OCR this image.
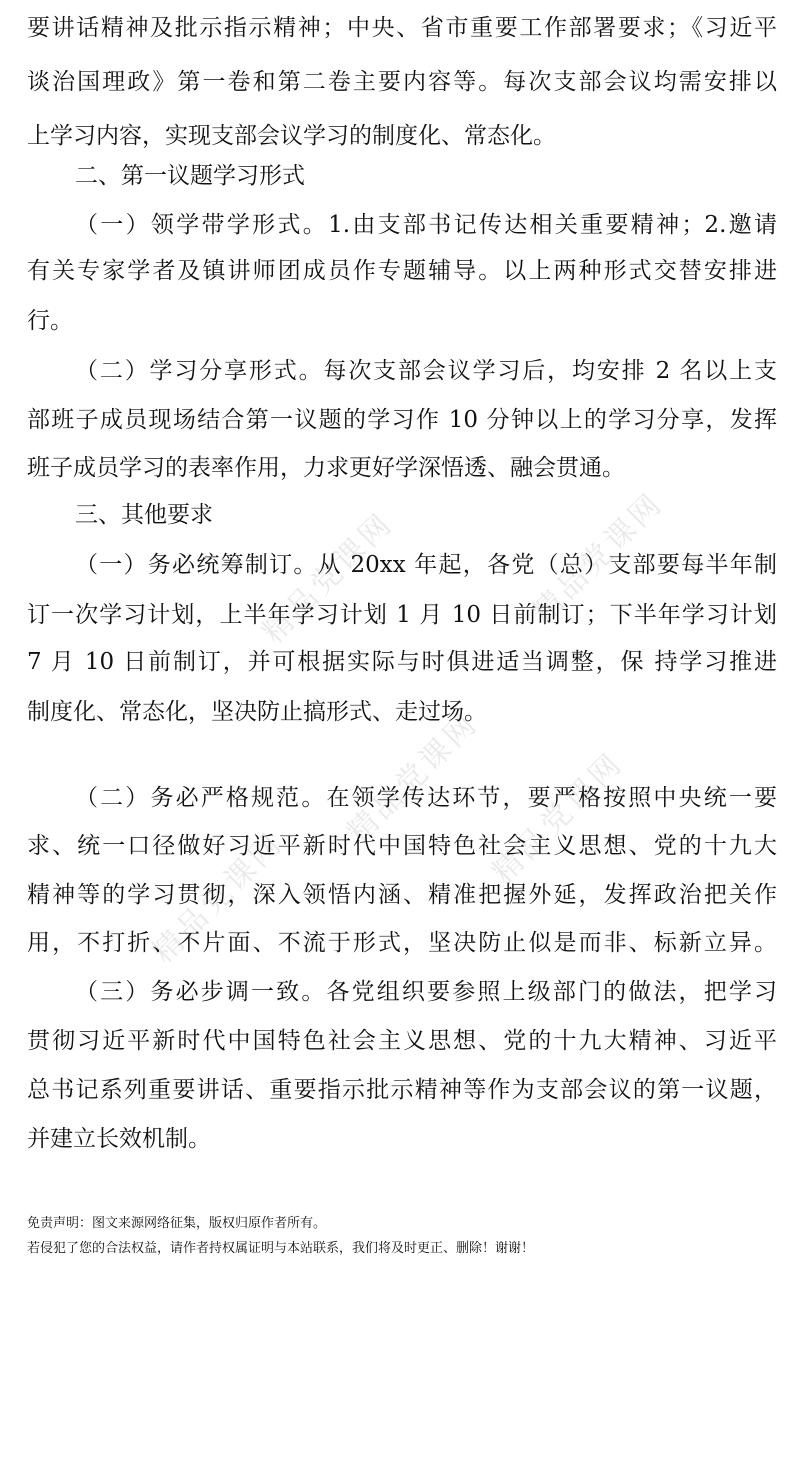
精品党课网
精品党课网
精品党课网
精品党课网
精品党课网
要讲话精神及批示指示精神；中央、省市重要工作部署要求；《习近平
谈治国理政》第一卷和第二卷主要内容等。每次支部会议均需安排以
上学习内容，实现支部会议学习的制度化、常态化。
二、第一议题学习形式
（一）领学带学形式。1.由支部书记传达相关重要精神；2.邀请
有关专家学者及镇讲师团成员作专题辅导。以上两种形式交替安排进
行。
（二）学习分享形式。每次支部会议学习后，均安排 2 名以上支
部班子成员现场结合第一议题的学习作 10 分钟以上的学习分享，发挥
班子成员学习的表率作用，力求更好学深悟透、融会贯通。
三、其他要求
（一）务必统筹制订。从 20xx 年起，各党（总）支部要每半年制
订一次学习计划，上半年学习计划 1 月 10 日前制订；下半年学习计划
7 月 10 日前制订，并可根据实际与时俱进适当调整，保 持学习推进
制度化、常态化，坚决防止搞形式、走过场。
（二）务必严格规范。在领学传达环节，要严格按照中央统一要
求、统一口径做好习近平新时代中国特色社会主义思想、党的十九大
精神等的学习贯彻，深入领悟内涵、精准把握外延，发挥政治把关作
用，不打折、不片面、不流于形式，坚决防止似是而非、标新立异。
（三）务必步调一致。各党组织要参照上级部门的做法，把学习
贯彻习近平新时代中国特色社会主义思想、党的十九大精神、习近平
总书记系列重要讲话、重要指示批示精神等作为支部会议的第一议题，
并建立长效机制。
免责声明：图文来源网络征集，版权归原作者所有。
若侵犯了您的合法权益，请作者持权属证明与本站联系，我们将及时更正、删除！谢谢！
